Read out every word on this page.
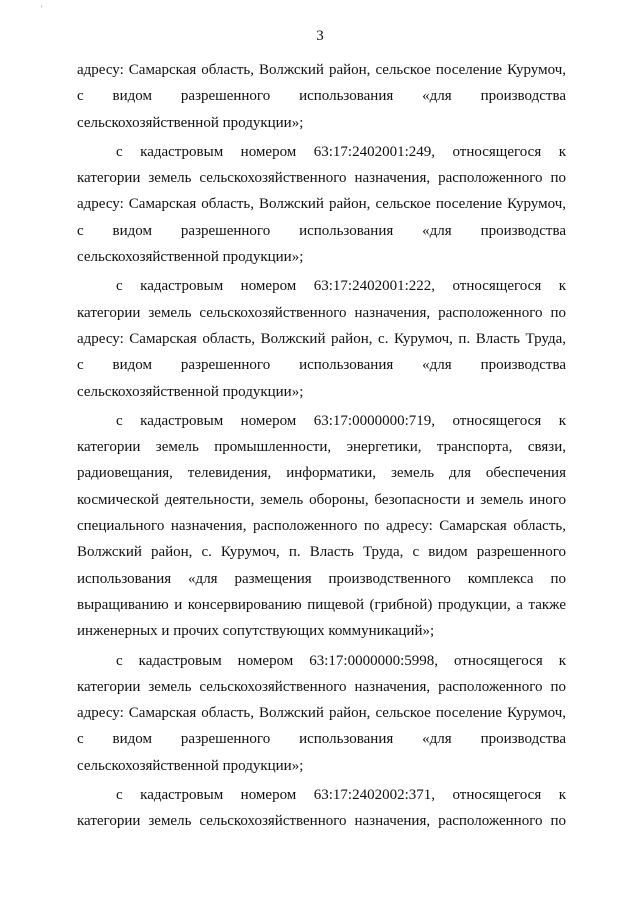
'
3
адресу: Самарская область, Волжский район, сельское поселение Курумоч,
с видом разрешенного использования «для производства
сельскохозяйственной продукции»;
с кадастровым номером 63:17:2402001:249, относящегося к
категории земель сельскохозяйственного назначения, расположенного по
адресу: Самарская область, Волжский район, сельское поселение Курумоч,
с видом разрешенного использования «для производства
сельскохозяйственной продукции»;
с кадастровым номером 63:17:2402001:222, относящегося к
категории земель сельскохозяйственного назначения, расположенного по
адресу: Самарская область, Волжский район, с. Курумоч, п. Власть Труда,
с видом разрешенного использования «для производства
сельскохозяйственной продукции»;
с кадастровым номером 63:17:0000000:719, относящегося к
категории земель промышленности, энергетики, транспорта, связи,
радиовещания, телевидения, информатики, земель для обеспечения
космической деятельности, земель обороны, безопасности и земель иного
специального назначения, расположенного по адресу: Самарская область,
Волжский район, с. Курумоч, п. Власть Труда, с видом разрешенного
использования «для размещения производственного комплекса по
выращиванию и консервированию пищевой (грибной) продукции, а также
инженерных и прочих сопутствующих коммуникаций»;
с кадастровым номером 63:17:0000000:5998, относящегося к
категории земель сельскохозяйственного назначения, расположенного по
адресу: Самарская область, Волжский район, сельское поселение Курумоч,
с видом разрешенного использования «для производства
сельскохозяйственной продукции»;
с кадастровым номером 63:17:2402002:371, относящегося к
категории земель сельскохозяйственного назначения, расположенного по
